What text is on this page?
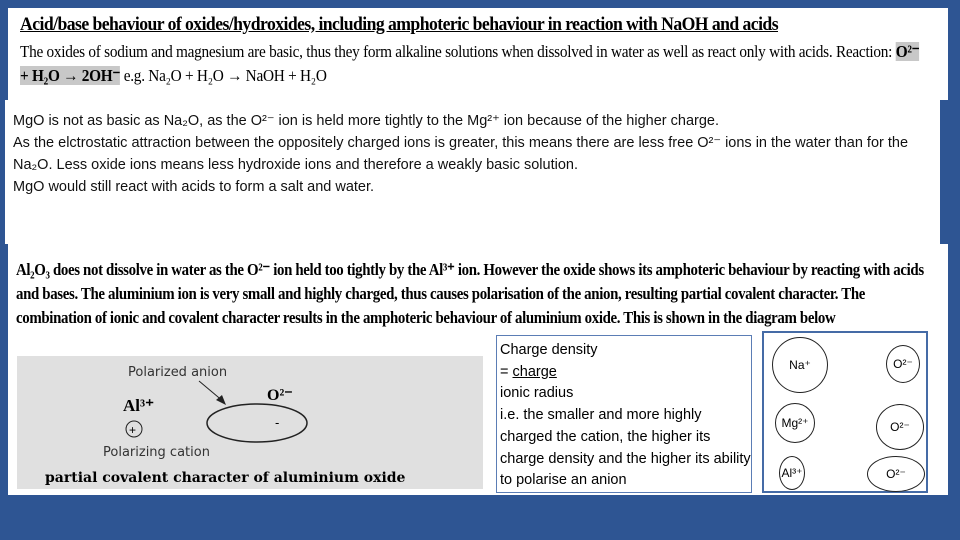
Acid/base behaviour of oxides/hydroxides, including amphoteric behaviour in reaction with NaOH and acids
The oxides of sodium and magnesium are basic, thus they form alkaline solutions when dissolved in water as well as react only with acids. Reaction: O²⁻ + H₂O → 2OH⁻ e.g. Na₂O + H₂O → NaOH + H₂O

MgO is not as basic as Na₂O, as the O²⁻ ion is held more tightly to the Mg²⁺ ion because of the higher charge.

As the elctrostatic attraction between the oppositely charged ions is greater, this means there are less free O²⁻ ions in the water than for the Na₂O. Less oxide ions means less hydroxide ions and therefore a weakly basic solution.

MgO would still react with acids to form a salt and water.

Al₂O₃ does not dissolve in water as the O²⁻ ion held too tightly by the Al³⁺ ion. However the oxide shows its amphoteric behaviour by reacting with acids and bases. The aluminium ion is very small and highly charged, thus causes polarisation of the anion, resulting partial covalent character. The combination of ionic and covalent character results in the amphoteric behaviour of aluminium oxide. This is shown in the diagram below
Polarized anion
Al³⁺
O²⁻
+	-
Polarizing cation
partial covalent character of aluminium oxide
Charge density
= charge
ionic radius
i.e. the smaller and more highly charged the cation, the higher its charge density and the higher its ability to polarise an anion
Na⁺	O²⁻
Mg²⁺	O²⁻
Al³⁺	O²⁻
